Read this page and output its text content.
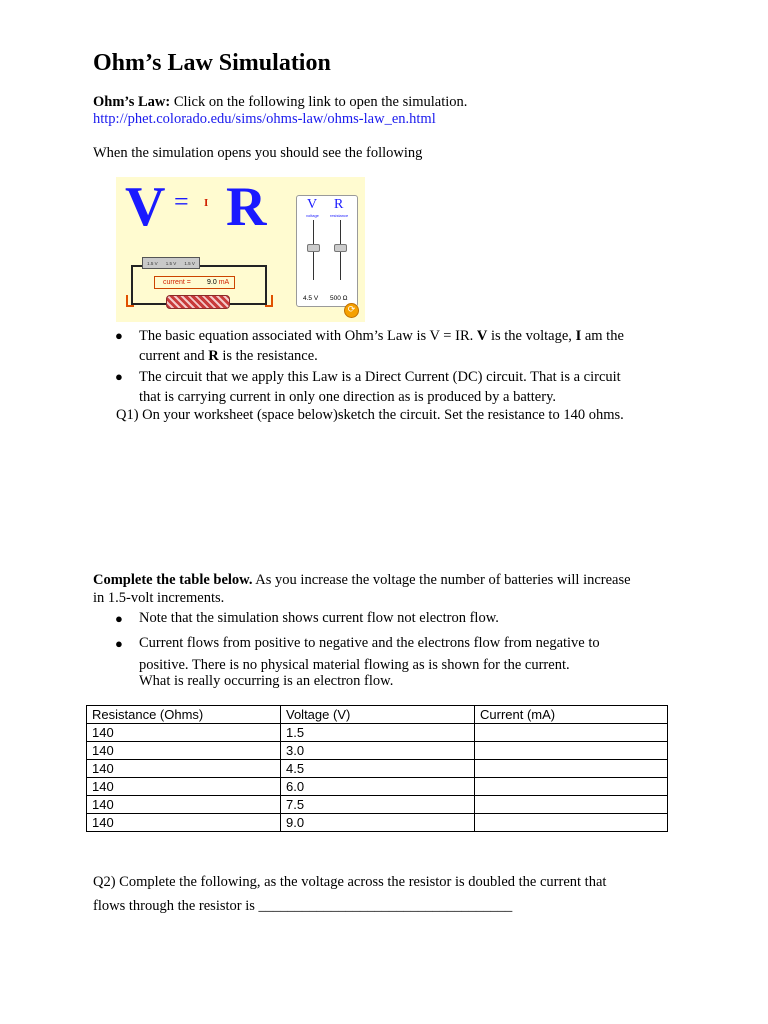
Ohm’s Law Simulation
Ohm’s Law: Click on the following link to open the simulation.
http://phet.colorado.edu/sims/ohms-law/ohms-law_en.html
When the simulation opens you should see the following
V = I R	V R
voltage	resistance
4.5 V 500 Ω
1.5 V 1.5 V 1.5 V
current = 9.0 mA
⟳
● The basic equation associated with Ohm’s Law is V = IR. V is the voltage, I am the
current and R is the resistance.
● The circuit that we apply this Law is a Direct Current (DC) circuit. That is a circuit
that is carrying current in only one direction as is produced by a battery.
Q1) On your worksheet (space below)sketch the circuit. Set the resistance to 140 ohms.
Complete the table below. As you increase the voltage the number of batteries will increase
in 1.5-volt increments.
● Note that the simulation shows current flow not electron flow.
● Current flows from positive to negative and the electrons flow from negative to
positive. There is no physical material flowing as is shown for the current.
What is really occurring is an electron flow.
Resistance (Ohms)	Voltage (V)	Current (mA)
140	1.5	
140	3.0	
140	4.5	
140	6.0	
140	7.5	
140	9.0	
Q2) Complete the following, as the voltage across the resistor is doubled the current that
flows through the resistor is ___________________________________
